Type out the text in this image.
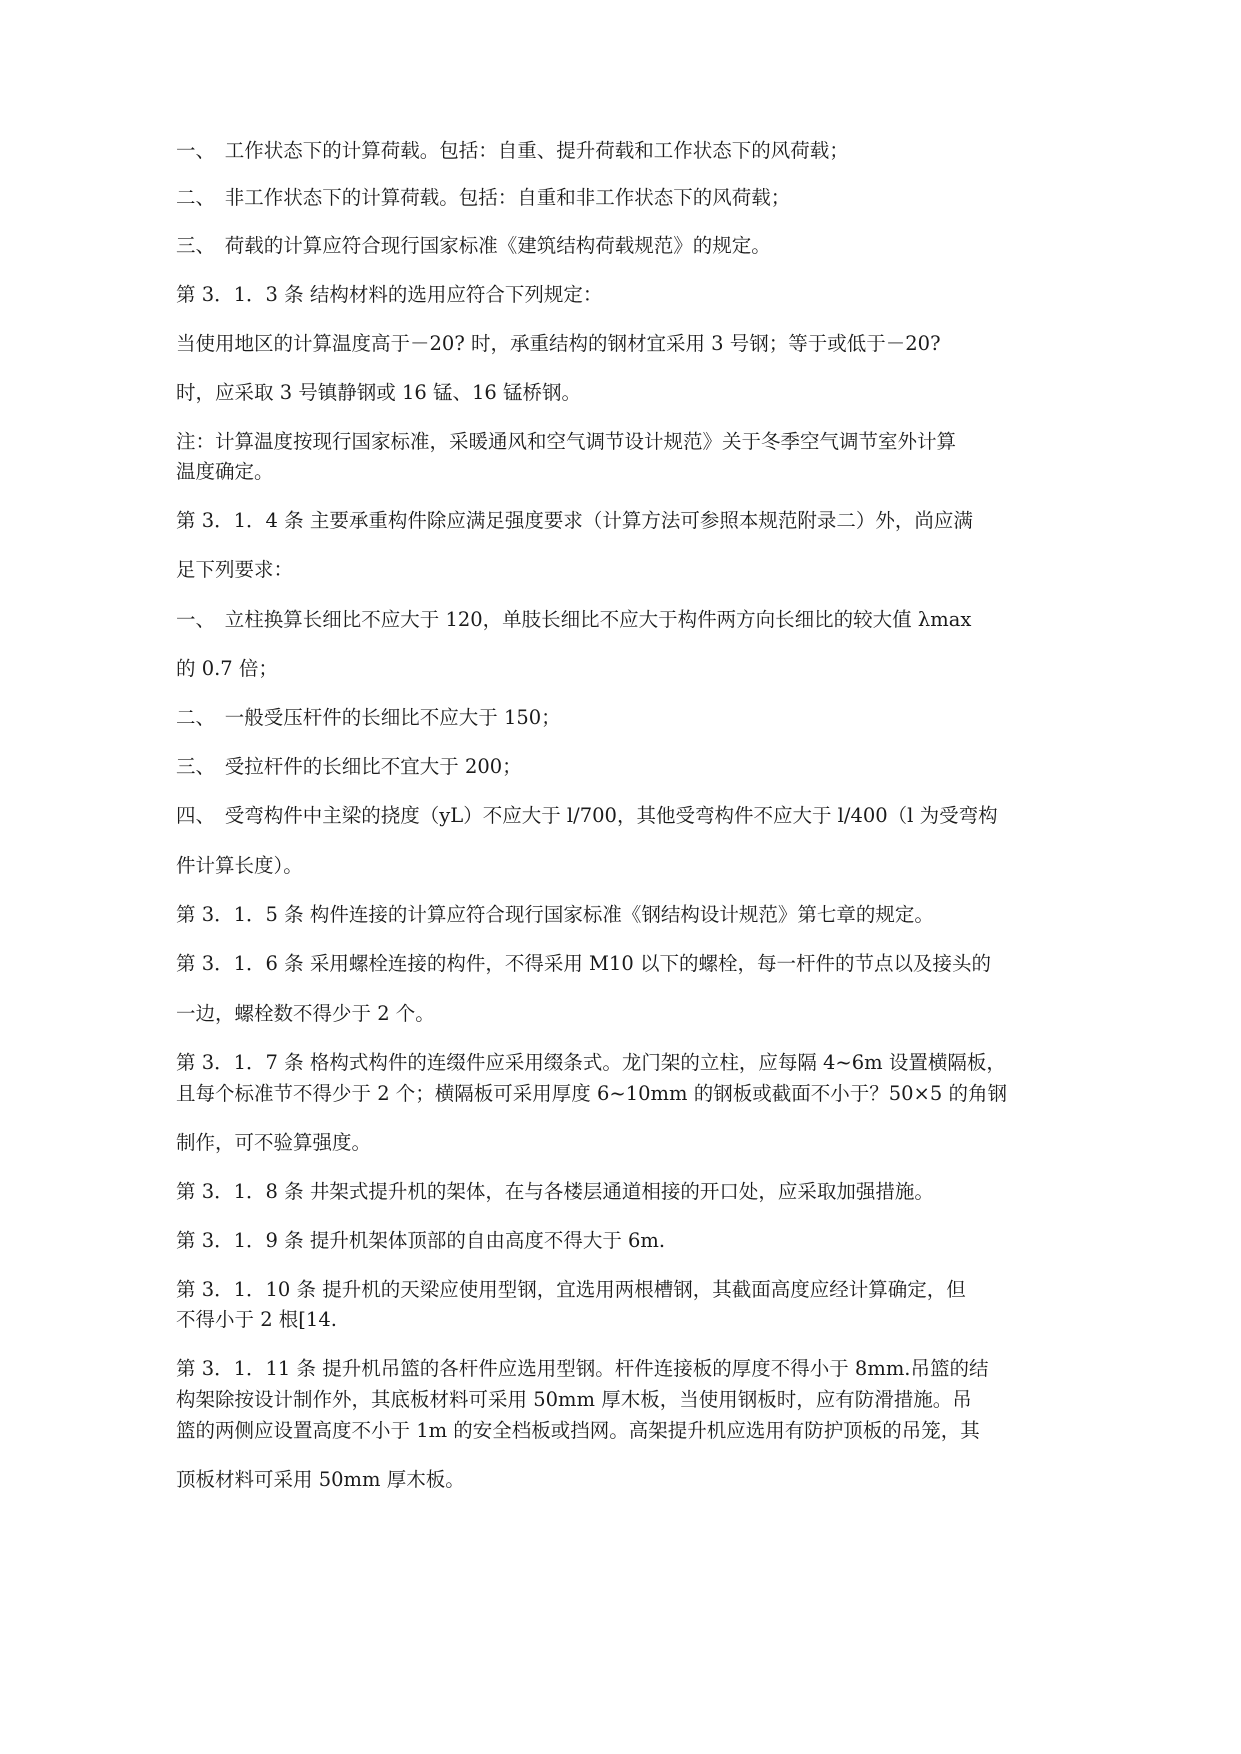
一、　工作状态下的计算荷载。包括：自重、提升荷载和工作状态下的风荷载；
二、　非工作状态下的计算荷载。包括：自重和非工作状态下的风荷载；
三、　荷载的计算应符合现行国家标准《建筑结构荷载规范》的规定。
第 3．1．3 条 结构材料的选用应符合下列规定：
当使用地区的计算温度高于－20? 时，承重结构的钢材宜采用 3 号钢；等于或低于－20?
时，应采取 3 号镇静钢或 16 锰、16 锰桥钢。
注：计算温度按现行国家标准，采暖通风和空气调节设计规范》关于冬季空气调节室外计算
温度确定。
第 3．1．4 条 主要承重构件除应满足强度要求（计算方法可参照本规范附录二）外，尚应满
足下列要求：
一、　立柱换算长细比不应大于 120，单肢长细比不应大于构件两方向长细比的较大值 λmax
的 0.7 倍；
二、　一般受压杆件的长细比不应大于 150；
三、　受拉杆件的长细比不宜大于 200；
四、　受弯构件中主梁的挠度（yL）不应大于 l/700，其他受弯构件不应大于 l/400（l 为受弯构
件计算长度）。
第 3．1．5 条 构件连接的计算应符合现行国家标准《钢结构设计规范》第七章的规定。
第 3．1．6 条 采用螺栓连接的构件，不得采用 M10 以下的螺栓，每一杆件的节点以及接头的
一边，螺栓数不得少于 2 个。
第 3．1．7 条 格构式构件的连缀件应采用缀条式。龙门架的立柱，应每隔 4~6m 设置横隔板，
且每个标准节不得少于 2 个；横隔板可采用厚度 6~10mm 的钢板或截面不小于？50×5 的角钢
制作，可不验算强度。
第 3．1．8 条 井架式提升机的架体，在与各楼层通道相接的开口处，应采取加强措施。
第 3．1．9 条 提升机架体顶部的自由高度不得大于 6m.
第 3．1．10 条 提升机的天梁应使用型钢，宜选用两根槽钢，其截面高度应经计算确定，但
不得小于 2 根[14.
第 3．1．11 条 提升机吊篮的各杆件应选用型钢。杆件连接板的厚度不得小于 8mm.吊篮的结
构架除按设计制作外，其底板材料可采用 50mm 厚木板，当使用钢板时，应有防滑措施。吊
篮的两侧应设置高度不小于 1m 的安全档板或挡网。高架提升机应选用有防护顶板的吊笼，其
顶板材料可采用 50mm 厚木板。
